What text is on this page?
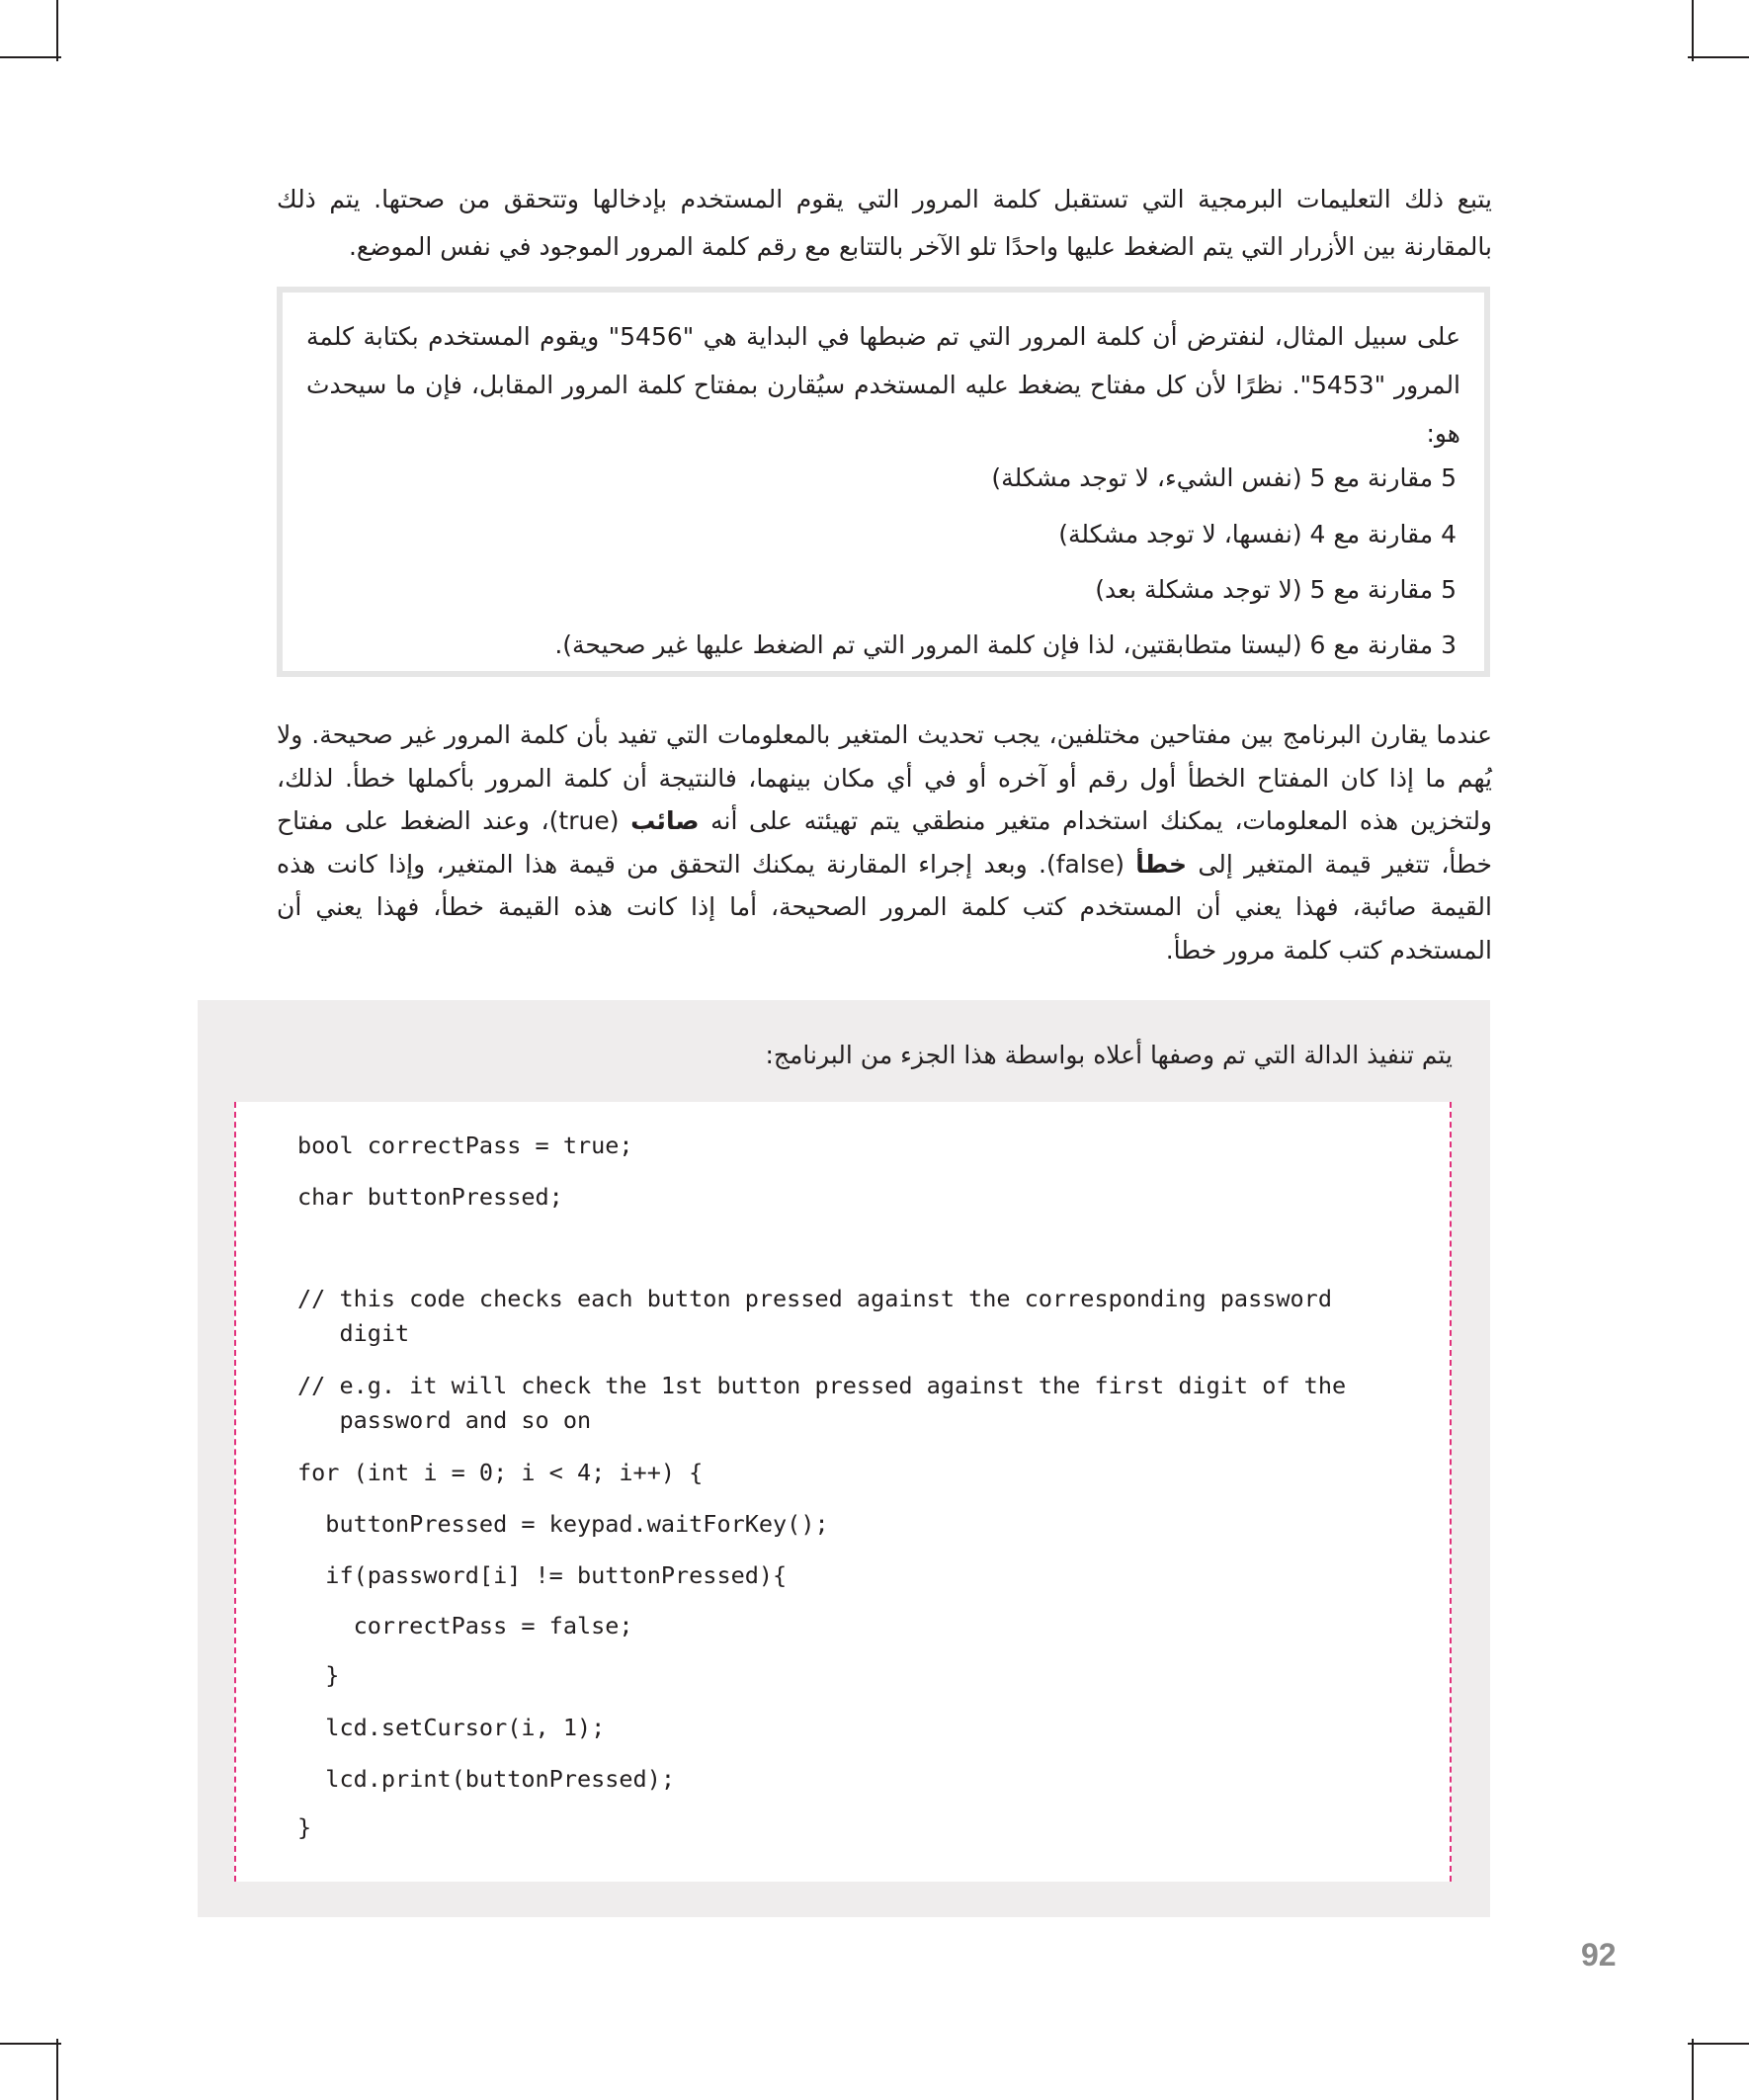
يتبع ذلك التعليمات البرمجية التي تستقبل كلمة المرور التي يقوم المستخدم بإدخالها وتتحقق من صحتها. يتم ذلك بالمقارنة بين الأزرار التي يتم الضغط عليها واحدًا تلو الآخر بالتتابع مع رقم كلمة المرور الموجود في نفس الموضع.

على سبيل المثال، لنفترض أن كلمة المرور التي تم ضبطها في البداية هي "5456" ويقوم المستخدم بكتابة كلمة المرور "5453". نظرًا لأن كل مفتاح يضغط عليه المستخدم سيُقارن بمفتاح كلمة المرور المقابل، فإن ما سيحدث هو:

5 مقارنة مع 5 (نفس الشيء، لا توجد مشكلة)
4 مقارنة مع 4 (نفسها، لا توجد مشكلة)
5 مقارنة مع 5 (لا توجد مشكلة بعد)
3 مقارنة مع 6 (ليستا متطابقتين، لذا فإن كلمة المرور التي تم الضغط عليها غير صحيحة).

عندما يقارن البرنامج بين مفتاحين مختلفين، يجب تحديث المتغير بالمعلومات التي تفيد بأن كلمة المرور غير صحيحة. ولا يُهم ما إذا كان المفتاح الخطأ أول رقم أو آخره أو في أي مكان بينهما، فالنتيجة أن كلمة المرور بأكملها خطأ. لذلك، ولتخزين هذه المعلومات، يمكنك استخدام متغير منطقي يتم تهيئته على أنه صائب (true)، وعند الضغط على مفتاح خطأ، تتغير قيمة المتغير إلى خطأ (false). وبعد إجراء المقارنة يمكنك التحقق من قيمة هذا المتغير، وإذا كانت هذه القيمة صائبة، فهذا يعني أن المستخدم كتب كلمة المرور الصحيحة، أما إذا كانت هذه القيمة خطأ، فهذا يعني أن المستخدم كتب كلمة مرور خطأ.

يتم تنفيذ الدالة التي تم وصفها أعلاه بواسطة هذا الجزء من البرنامج:
bool correctPass = true;
char buttonPressed;
// this code checks each button pressed against the corresponding password
digit
// e.g. it will check the 1st button pressed against the first digit of the
password and so on
for (int i = 0; i < 4; i++) {
buttonPressed = keypad.waitForKey();
if(password[i] != buttonPressed){
correctPass = false;
}
lcd.setCursor(i, 1);
lcd.print(buttonPressed);
}
92
